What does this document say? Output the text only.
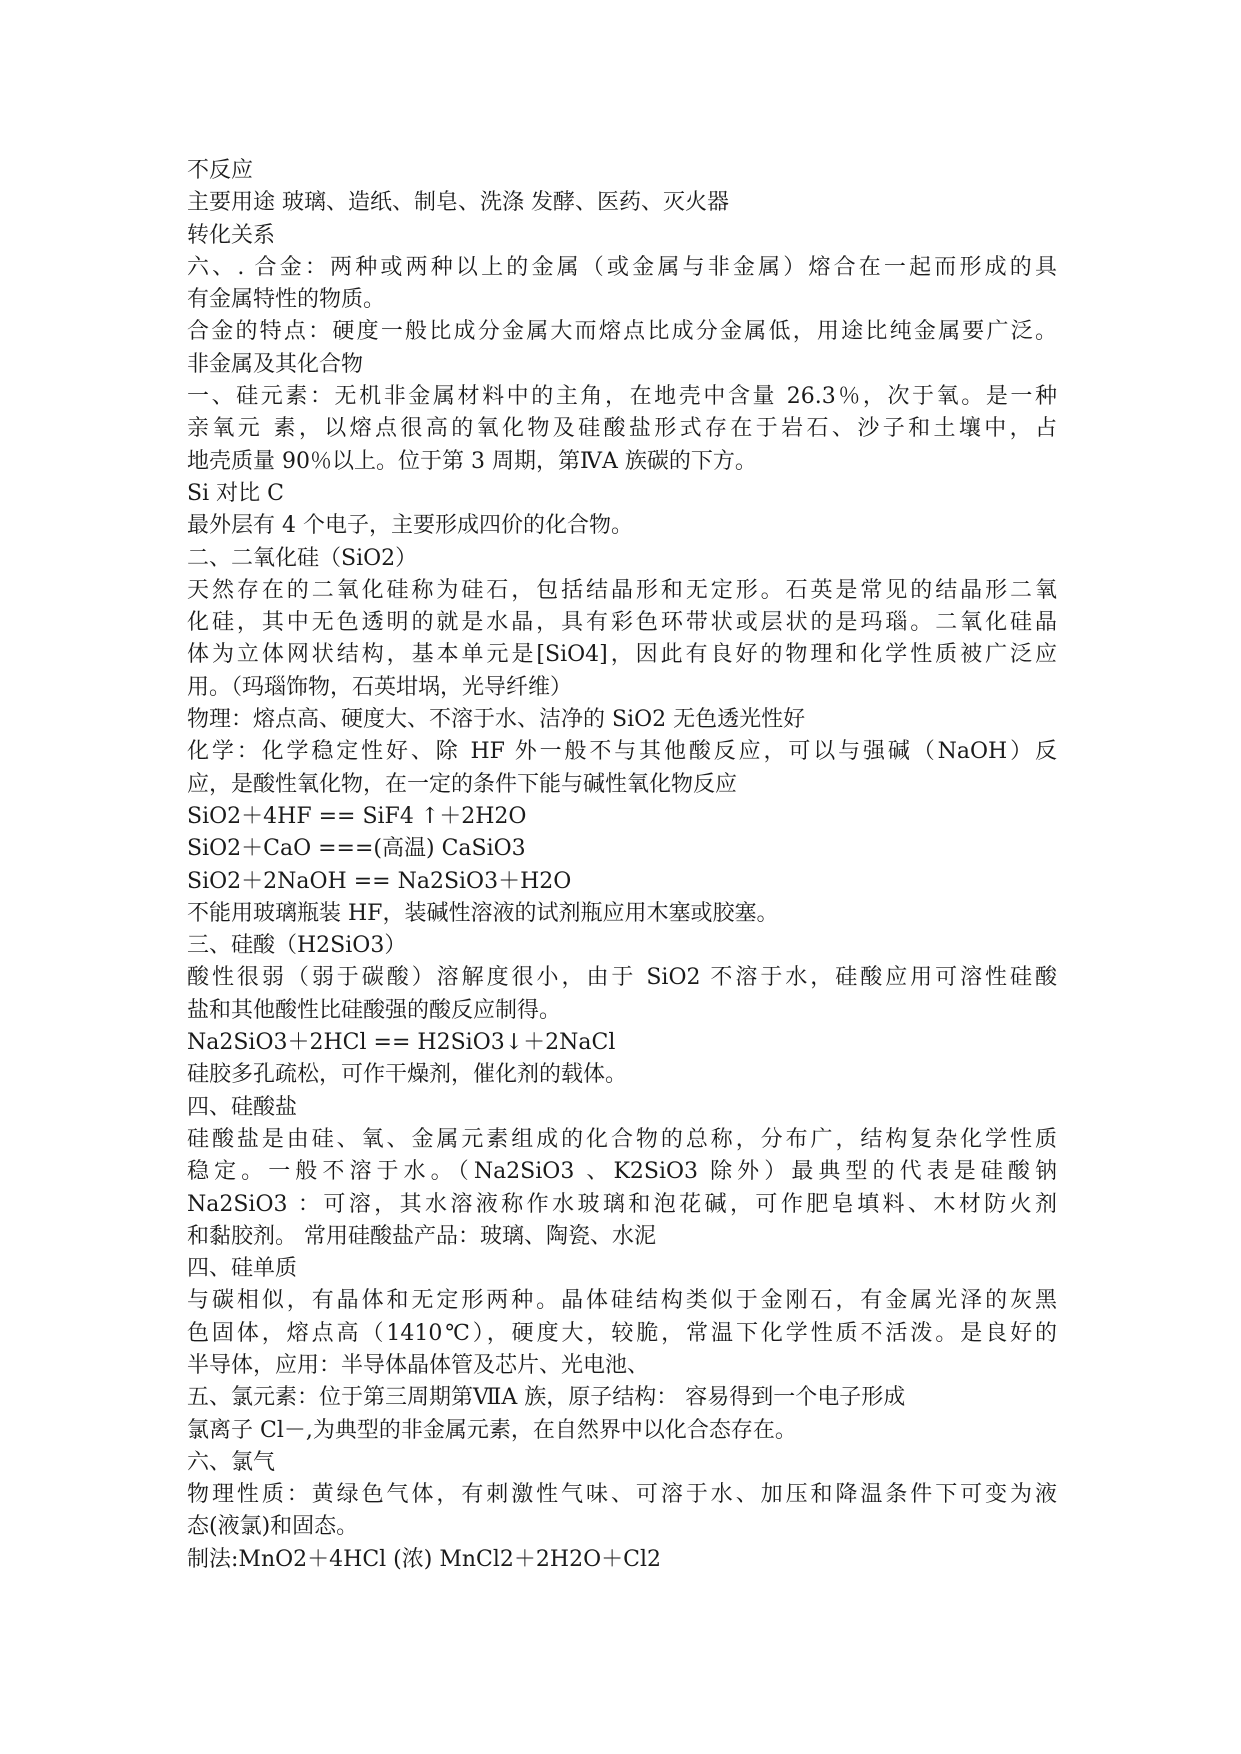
不反应
主要用途 玻璃、造纸、制皂、洗涤 发酵、医药、灭火器
转化关系
六、. 合金：两种或两种以上的金属（或金属与非金属）熔合在一起而形成的具
有金属特性的物质。
合金的特点：硬度一般比成分金属大而熔点比成分金属低，用途比纯金属要广泛。
非金属及其化合物
一、硅元素：无机非金属材料中的主角，在地壳中含量 26.3％，次于氧。是一种
亲氧元 素，以熔点很高的氧化物及硅酸盐形式存在于岩石、沙子和土壤中，占
地壳质量 90％以上。位于第 3 周期，第ⅣA 族碳的下方。
Si 对比 C
最外层有 4 个电子，主要形成四价的化合物。
二、二氧化硅（SiO2）
天然存在的二氧化硅称为硅石，包括结晶形和无定形。石英是常见的结晶形二氧
化硅，其中无色透明的就是水晶，具有彩色环带状或层状的是玛瑙。二氧化硅晶
体为立体网状结构，基本单元是[SiO4]，因此有良好的物理和化学性质被广泛应
用。（玛瑙饰物，石英坩埚，光导纤维）
物理：熔点高、硬度大、不溶于水、洁净的 SiO2 无色透光性好
化学：化学稳定性好、除 HF 外一般不与其他酸反应，可以与强碱（NaOH）反
应，是酸性氧化物，在一定的条件下能与碱性氧化物反应
SiO2＋4HF == SiF4 ↑＋2H2O
SiO2＋CaO ===(高温) CaSiO3
SiO2＋2NaOH == Na2SiO3＋H2O
不能用玻璃瓶装 HF，装碱性溶液的试剂瓶应用木塞或胶塞。
三、硅酸（H2SiO3）
酸性很弱（弱于碳酸）溶解度很小，由于 SiO2 不溶于水，硅酸应用可溶性硅酸
盐和其他酸性比硅酸强的酸反应制得。
Na2SiO3＋2HCl == H2SiO3↓＋2NaCl
硅胶多孔疏松，可作干燥剂，催化剂的载体。
四、硅酸盐
硅酸盐是由硅、氧、金属元素组成的化合物的总称，分布广，结构复杂化学性质
稳定。一般不溶于水。（Na2SiO3 、K2SiO3 除外）最典型的代表是硅酸钠
Na2SiO3 ：可溶，其水溶液称作水玻璃和泡花碱，可作肥皂填料、木材防火剂
和黏胶剂。 常用硅酸盐产品：玻璃、陶瓷、水泥
四、硅单质
与碳相似，有晶体和无定形两种。晶体硅结构类似于金刚石，有金属光泽的灰黑
色固体，熔点高（1410℃），硬度大，较脆，常温下化学性质不活泼。是良好的
半导体，应用：半导体晶体管及芯片、光电池、
五、氯元素：位于第三周期第ⅦA 族，原子结构： 容易得到一个电子形成
氯离子 Cl－,为典型的非金属元素，在自然界中以化合态存在。
六、氯气
物理性质：黄绿色气体，有刺激性气味、可溶于水、加压和降温条件下可变为液
态(液氯)和固态。
制法:MnO2＋4HCl (浓) MnCl2＋2H2O＋Cl2
